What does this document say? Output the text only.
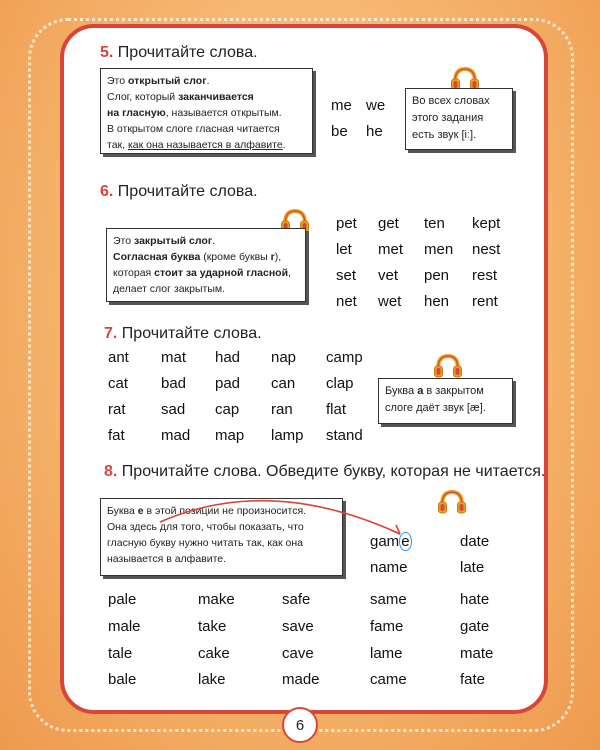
5. Прочитайте слова.
Это открытый слог.
Слог, который заканчивается
на гласную, называется открытым.
В открытом слоге гласная читается
так, как она называется в алфавите.
me we
be he
Во всех словах
этого задания
есть звук [iː].
6. Прочитайте слова.
Это закрытый слог.
Согласная буква (кроме буквы r),
которая стоит за ударной гласной,
делает слог закрытым.
pet get ten kept
let met men nest
set vet pen rest
net wet hen rent
7. Прочитайте слова.
ant mat had nap camp
cat bad pad can clap
rat sad cap ran flat
fat mad map lamp stand
Буква a в закрытом
слоге даёт звук [æ].
8. Прочитайте слова. Обведите букву, которая не читается.
Буква e в этой позиции не произносится.
Она здесь для того, чтобы показать, что
гласную букву нужно читать так, как она
называется в алфавите.
gam e	date
name	late
pale	make	safe	same	hate
male	take	save	fame	gate
tale	cake	cave	lame	mate
bale	lake	made	came	fate
6
